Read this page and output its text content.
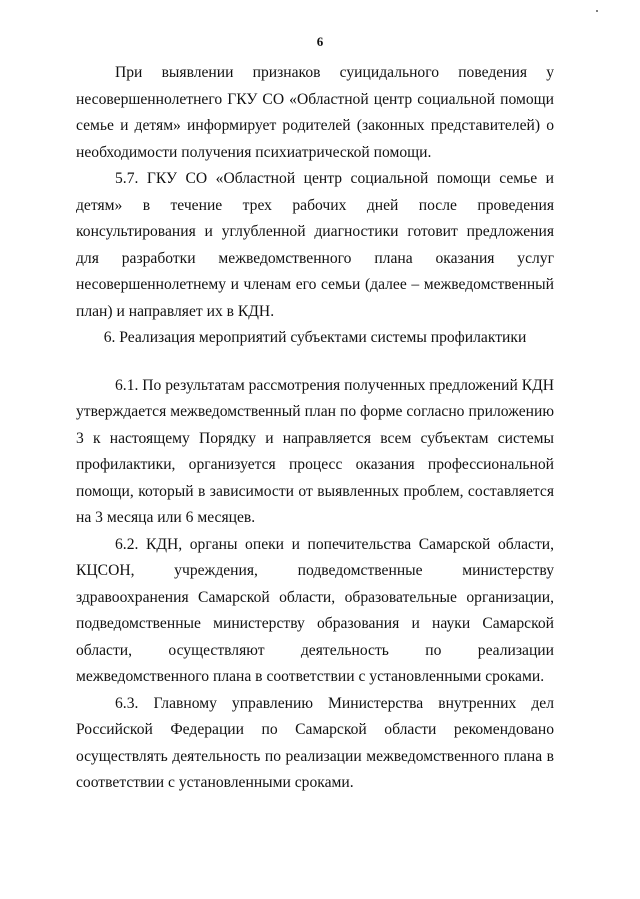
6

При выявлении признаков суицидального поведения у несовершеннолетнего ГКУ СО «Областной центр социальной помощи семье и детям» информирует родителей (законных представителей) о необходимости получения психиатрической помощи.

5.7. ГКУ СО «Областной центр социальной помощи семье и детям» в течение трех рабочих дней после проведения консультирования и углубленной диагностики готовит предложения для разработки межведомственного плана оказания услуг несовершеннолетнему и членам его семьи (далее – межведомственный план) и направляет их в КДН.

6. Реализация мероприятий субъектами системы профилактики

6.1. По результатам рассмотрения полученных предложений КДН утверждается межведомственный план по форме согласно приложению 3 к настоящему Порядку и направляется всем субъектам системы профилактики, организуется процесс оказания профессиональной помощи, который в зависимости от выявленных проблем, составляется на 3 месяца или 6 месяцев.

6.2. КДН, органы опеки и попечительства Самарской области, КЦСОН, учреждения, подведомственные министерству здравоохранения Самарской области, образовательные организации, подведомственные министерству образования и науки Самарской области, осуществляют деятельность по реализации межведомственного плана в соответствии с установленными сроками.

6.3. Главному управлению Министерства внутренних дел Российской Федерации по Самарской области рекомендовано осуществлять деятельность по реализации межведомственного плана в соответствии с установленными сроками.
